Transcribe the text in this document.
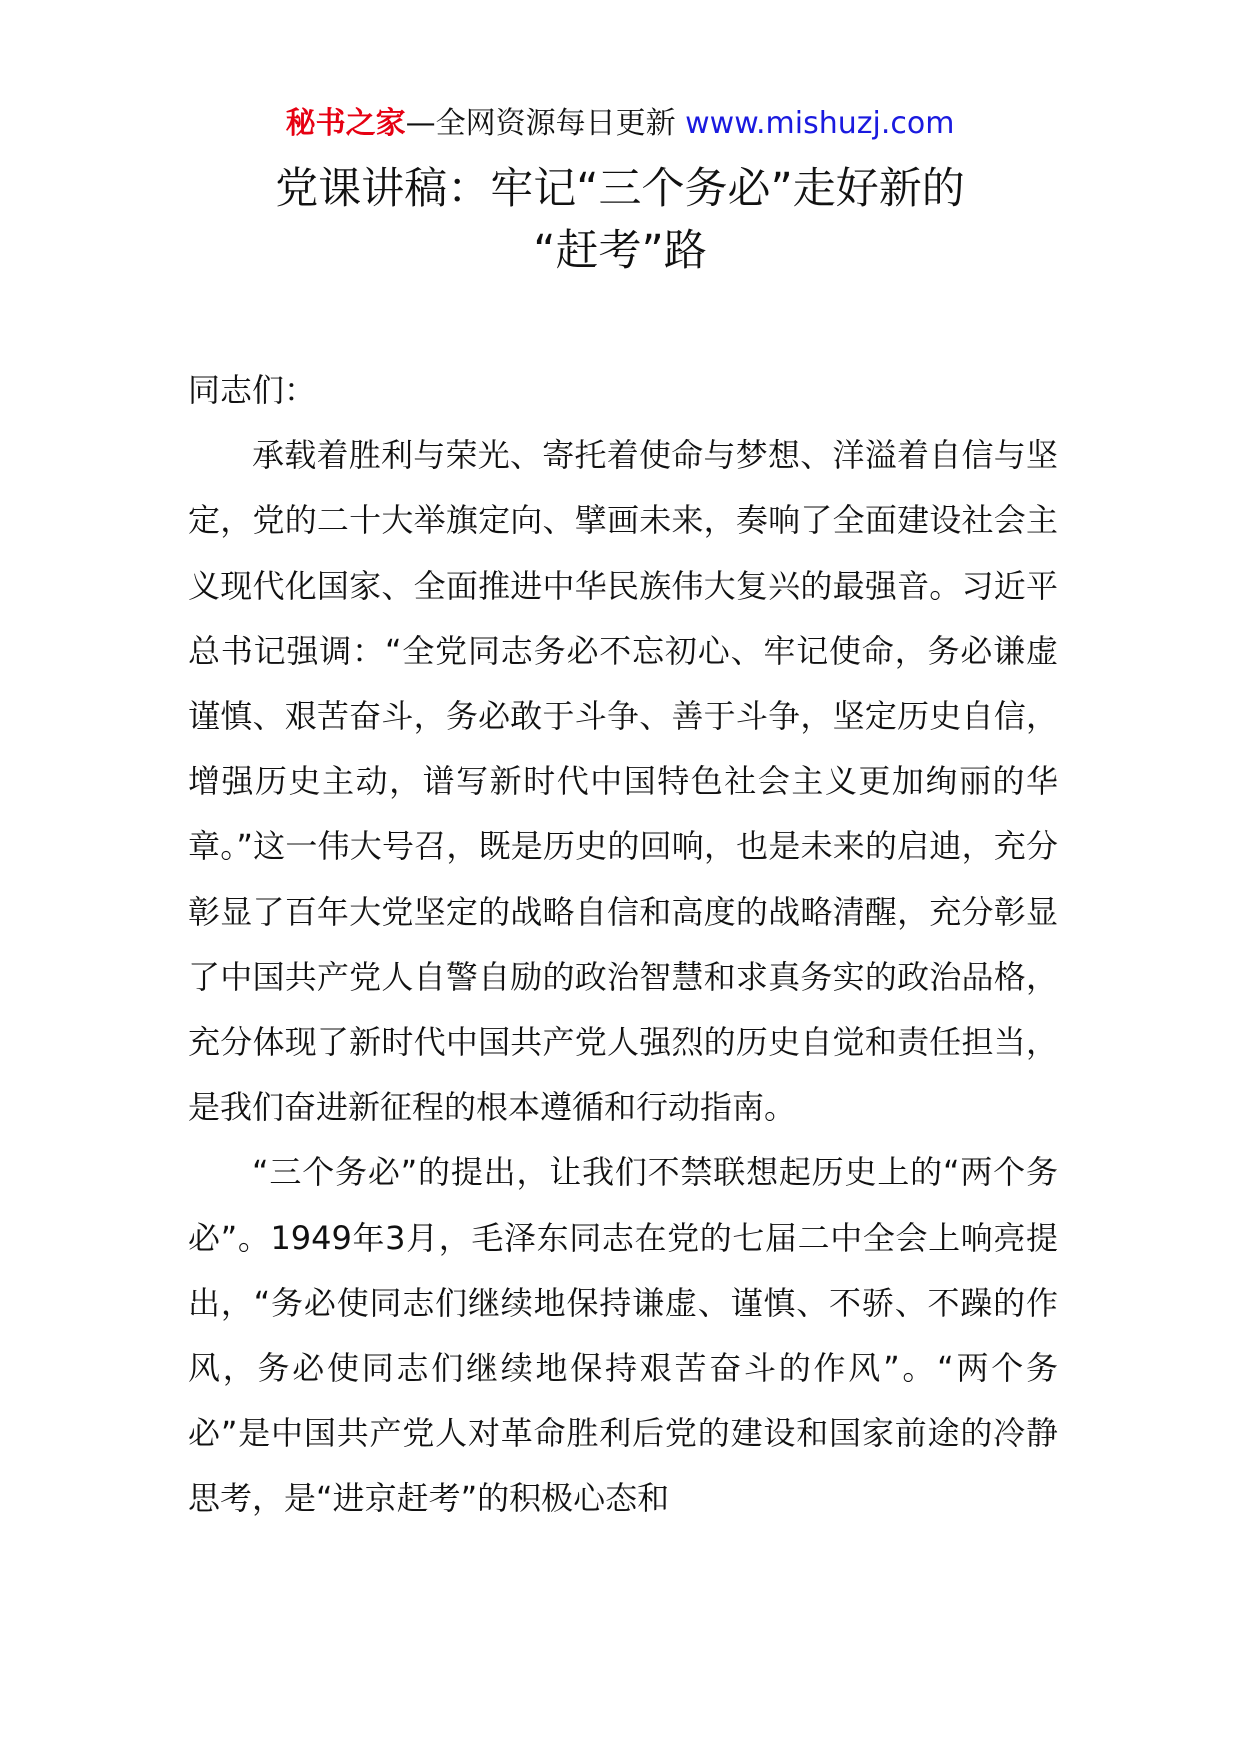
秘书之家—全网资源每日更新 www.mishuzj.com
党课讲稿：牢记“三个务必”走好新的
“赶考”路

同志们：

承载着胜利与荣光、寄托着使命与梦想、洋溢着自信与坚定，党的二十大举旗定向、擘画未来，奏响了全面建设社会主义现代化国家、全面推进中华民族伟大复兴的最强音。习近平总书记强调：“全党同志务必不忘初心、牢记使命，务必谦虚谨慎、艰苦奋斗，务必敢于斗争、善于斗争，坚定历史自信，增强历史主动，谱写新时代中国特色社会主义更加绚丽的华章。”这一伟大号召，既是历史的回响，也是未来的启迪，充分彰显了百年大党坚定的战略自信和高度的战略清醒，充分彰显了中国共产党人自警自励的政治智慧和求真务实的政治品格，充分体现了新时代中国共产党人强烈的历史自觉和责任担当，是我们奋进新征程的根本遵循和行动指南。

“三个务必”的提出，让我们不禁联想起历史上的“两个务必”。1949年3月，毛泽东同志在党的七届二中全会上响亮提出，“务必使同志们继续地保持谦虚、谨慎、不骄、不躁的作风，务必使同志们继续地保持艰苦奋斗的作风”。“两个务必”是中国共产党人对革命胜利后党的建设和国家前途的冷静思考，是“进京赶考”的积极心态和
